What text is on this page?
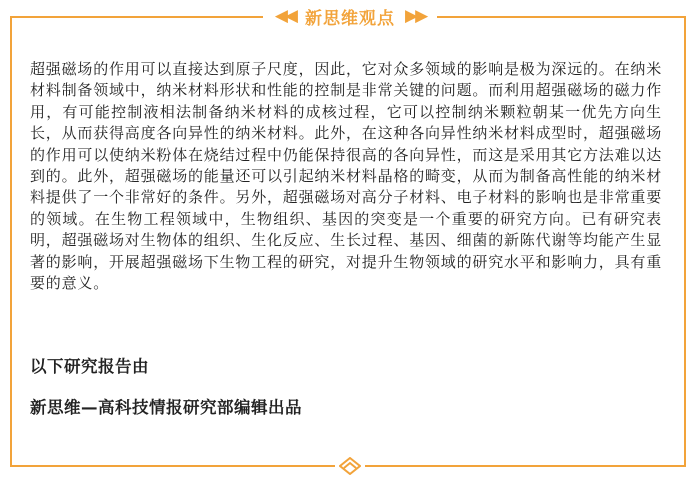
◀◀ 新思维观点 ▶▶

超强磁场的作用可以直接达到原子尺度，因此，它对众多领域的影响是极为深远的。在纳米材料制备领域中，纳米材料形状和性能的控制是非常关键的问题。而利用超强磁场的磁力作用，有可能控制液相法制备纳米材料的成核过程，它可以控制纳米颗粒朝某一优先方向生长，从而获得高度各向异性的纳米材料。此外，在这种各向异性纳米材料成型时，超强磁场的作用可以使纳米粉体在烧结过程中仍能保持很高的各向异性，而这是采用其它方法难以达到的。此外，超强磁场的能量还可以引起纳米材料晶格的畸变，从而为制备高性能的纳米材料提供了一个非常好的条件。另外，超强磁场对高分子材料、电子材料的影响也是非常重要的领域。在生物工程领域中，生物组织、基因的突变是一个重要的研究方向。已有研究表明，超强磁场对生物体的组织、生化反应、生长过程、基因、细菌的新陈代谢等均能产生显著的影响，开展超强磁场下生物工程的研究，对提升生物领域的研究水平和影响力，具有重要的意义。

以下研究报告由

新思维—高科技情报研究部编辑出品
